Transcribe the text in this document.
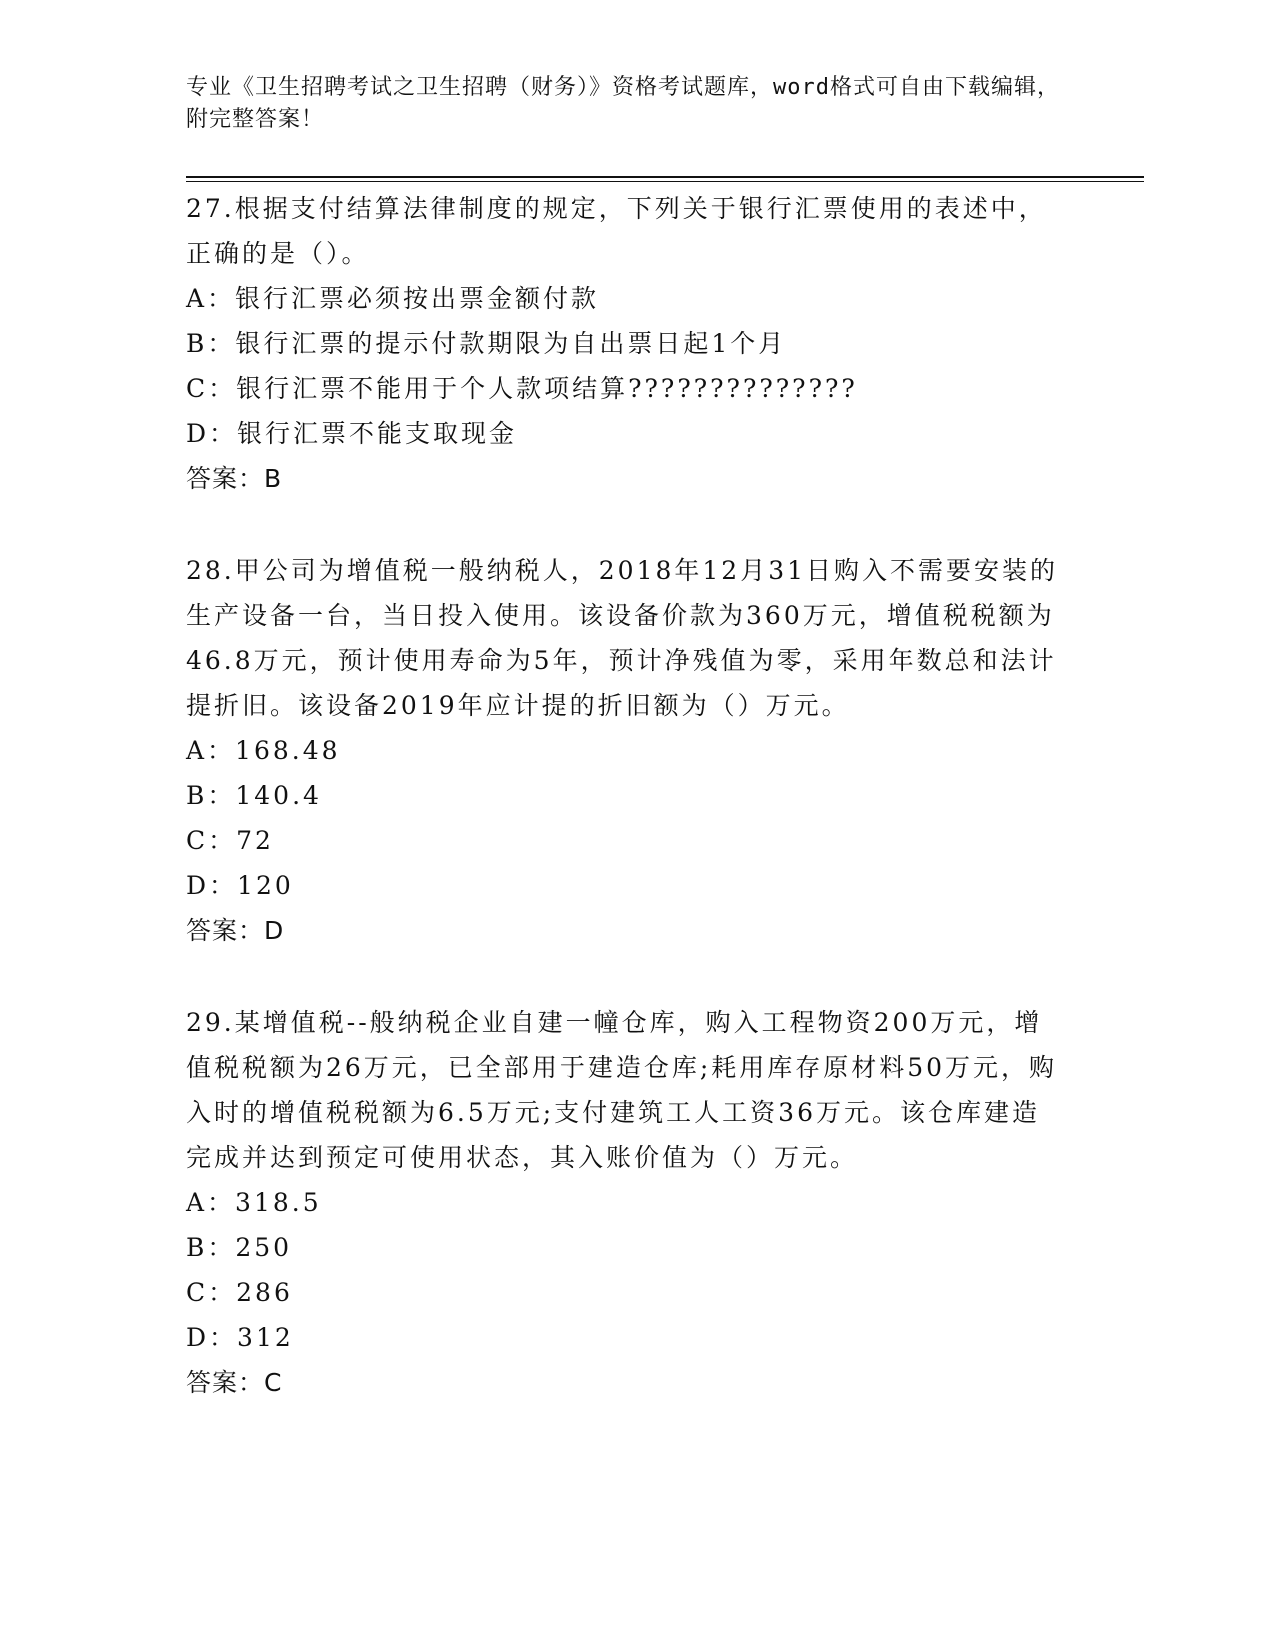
专业《卫生招聘考试之卫生招聘（财务）》资格考试题库，word格式可自由下载编辑，附完整答案！

27.根据支付结算法律制度的规定，下列关于银行汇票使用的表述中，正确的是（）。

A：银行汇票必须按出票金额付款

B：银行汇票的提示付款期限为自出票日起1个月

C：银行汇票不能用于个人款项结算??????????????

D：银行汇票不能支取现金

答案：B

28.甲公司为增值税一般纳税人，2018年12月31日购入不需要安装的生产设备一台，当日投入使用。该设备价款为360万元，增值税税额为46.8万元，预计使用寿命为5年，预计净残值为零，采用年数总和法计提折旧。该设备2019年应计提的折旧额为（）万元。

A：168.48

B：140.4

C：72

D：120

答案：D

29.某增值税--般纳税企业自建一幢仓库，购入工程物资200万元，增值税税额为26万元，已全部用于建造仓库;耗用库存原材料50万元，购入时的增值税税额为6.5万元;支付建筑工人工资36万元。该仓库建造完成并达到预定可使用状态，其入账价值为（）万元。

A：318.5

B：250

C：286

D：312

答案：C
